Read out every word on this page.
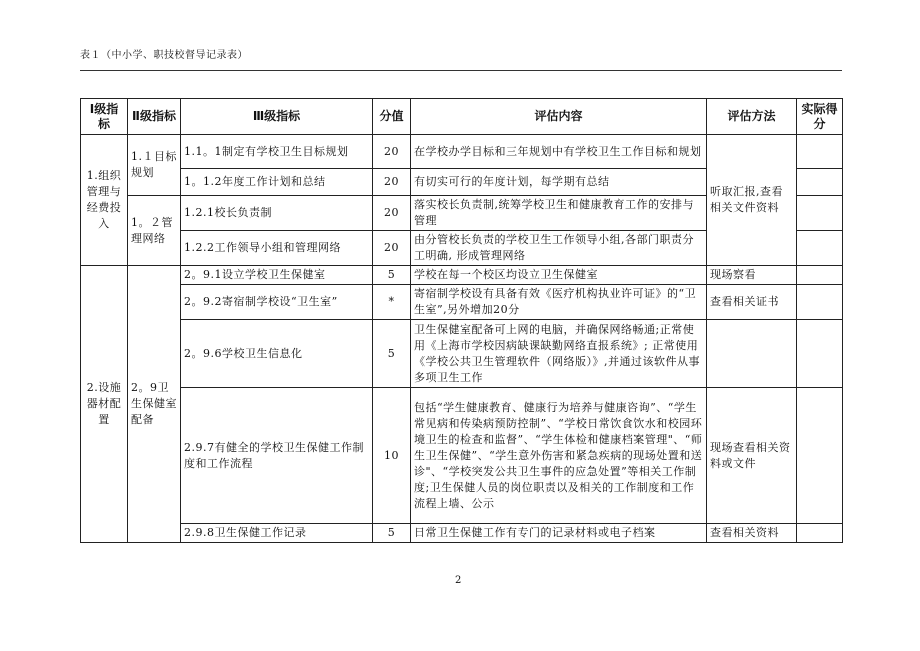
表１（中小学、职技校督导记录表）
Ⅰ级指标	Ⅱ级指标	Ⅲ级指标	分值	评估内容	评估方法	实际得分
1.组织管理与经费投入	1.１目标规划	1.1。1制定有学校卫生目标规划	20	在学校办学目标和三年规划中有学校卫生工作目标和规划	听取汇报,查看相关文件资料	
		1。1.2年度工作计划和总结	20	有切实可行的年度计划，每学期有总结		
	1。２管理网络	1.2.1校长负责制	20	落实校长负责制,统筹学校卫生和健康教育工作的安排与管理		
		1.2.2工作领导小组和管理网络	20	由分管校长负责的学校卫生工作领导小组,各部门职责分工明确, 形成管理网络		
2.设施器材配置	2。9卫生保健室配备	2。9.1设立学校卫生保健室	5	学校在每一个校区均设立卫生保健室	现场察看	
		2。9.2寄宿制学校设“卫生室”	*	寄宿制学校设有具备有效《医疗机构执业许可证》的“卫生室”,另外增加20分	查看相关证书	
		2。9.6学校卫生信息化	5	卫生保健室配备可上网的电脑，并确保网络畅通;正常使用《上海市学校因病缺课缺勤网络直报系统》; 正常使用《学校公共卫生管理软件（网络版）》,并通过该软件从事多项卫生工作		
		2.9.7有健全的学校卫生保健工作制度和工作流程	10	包括“学生健康教育、健康行为培养与健康咨询”、“学生常见病和传染病预防控制”、“学校日常饮食饮水和校园环境卫生的检查和监督”、“学生体检和健康档案管理"、“师生卫生保健”、“学生意外伤害和紧急疾病的现场处置和送诊"、“学校突发公共卫生事件的应急处置”等相关工作制度;卫生保健人员的岗位职责以及相关的工作制度和工作流程上墙、公示	现场查看相关资料或文件	
		2.9.8卫生保健工作记录	5	日常卫生保健工作有专门的记录材料或电子档案	查看相关资料	
2
